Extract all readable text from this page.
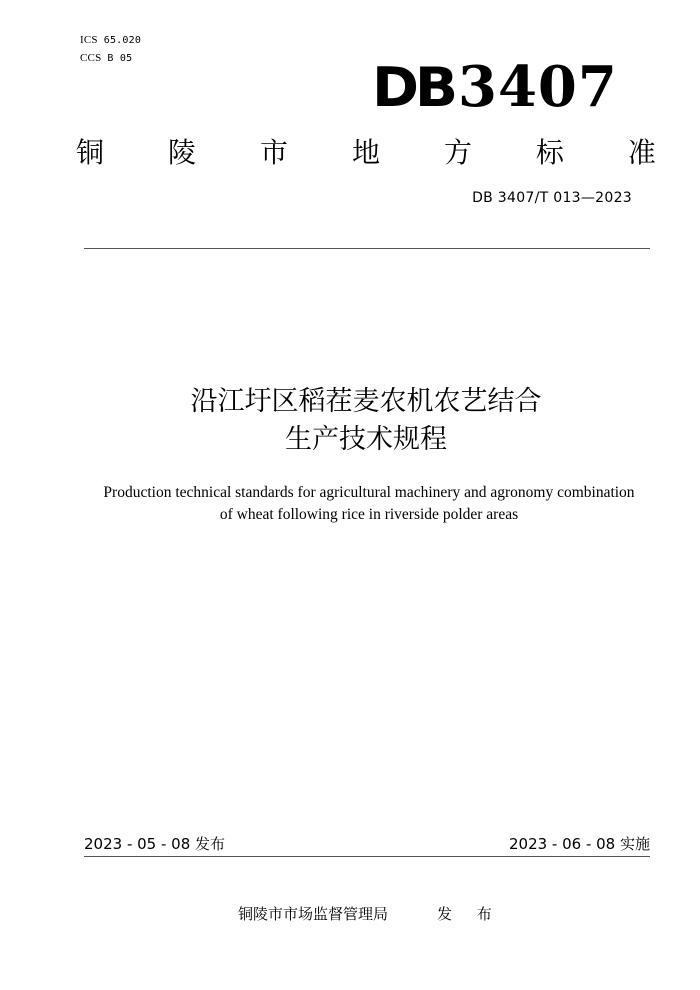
ICS 65.020
CCS B 05	DB 3407
铜 陵 市 地 方 标 准
DB 3407/T 013—2023
沿江圩区稻茬麦农机农艺结合
生产技术规程
Production technical standards for agricultural machinery and agronomy combination
of wheat following rice in riverside polder areas
2023 - 05 - 08 发布	2023 - 06 - 08 实施
铜陵市市场监督管理局	发 布
